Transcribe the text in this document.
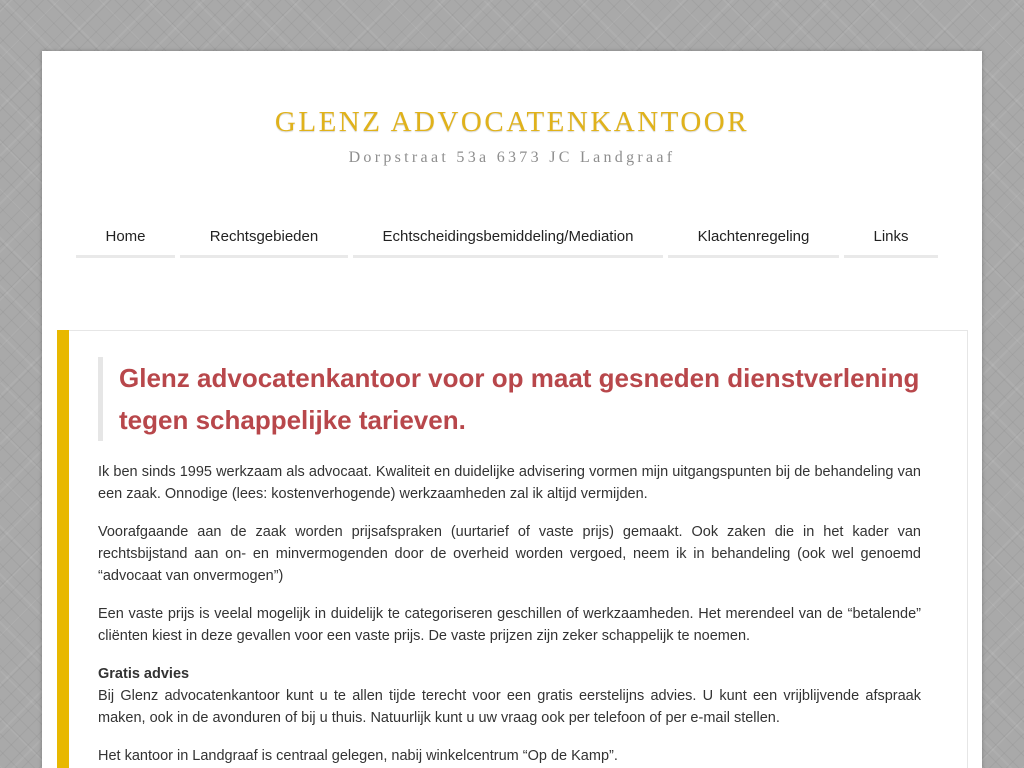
GLENZ ADVOCATENKANTOOR
Dorpstraat 53a 6373 JC Landgraaf
Home	Rechtsgebieden	Echtscheidingsbemiddeling/Mediation	Klachtenregeling	Links
Glenz advocatenkantoor voor op maat gesneden dienstverlening tegen schappelijke tarieven.

Ik ben sinds 1995 werkzaam als advocaat. Kwaliteit en duidelijke advisering vormen mijn uitgangspunten bij de behandeling van een zaak. Onnodige (lees: kostenverhogende) werkzaamheden zal ik altijd vermijden.

Voorafgaande aan de zaak worden prijsafspraken (uurtarief of vaste prijs) gemaakt. Ook zaken die in het kader van rechtsbijstand aan on- en minvermogenden door de overheid worden vergoed, neem ik in behandeling (ook wel genoemd “advocaat van onvermogen”)

Een vaste prijs is veelal mogelijk in duidelijk te categoriseren geschillen of werkzaamheden. Het merendeel van de “betalende” cliënten kiest in deze gevallen voor een vaste prijs. De vaste prijzen zijn zeker schappelijk te noemen.

Gratis advies
Bij Glenz advocatenkantoor kunt u te allen tijde terecht voor een gratis eerstelijns advies. U kunt een vrijblijvende afspraak maken, ook in de avonduren of bij u thuis. Natuurlijk kunt u uw vraag ook per telefoon of per e-mail stellen.

Het kantoor in Landgraaf is centraal gelegen, nabij winkelcentrum “Op de Kamp”.
